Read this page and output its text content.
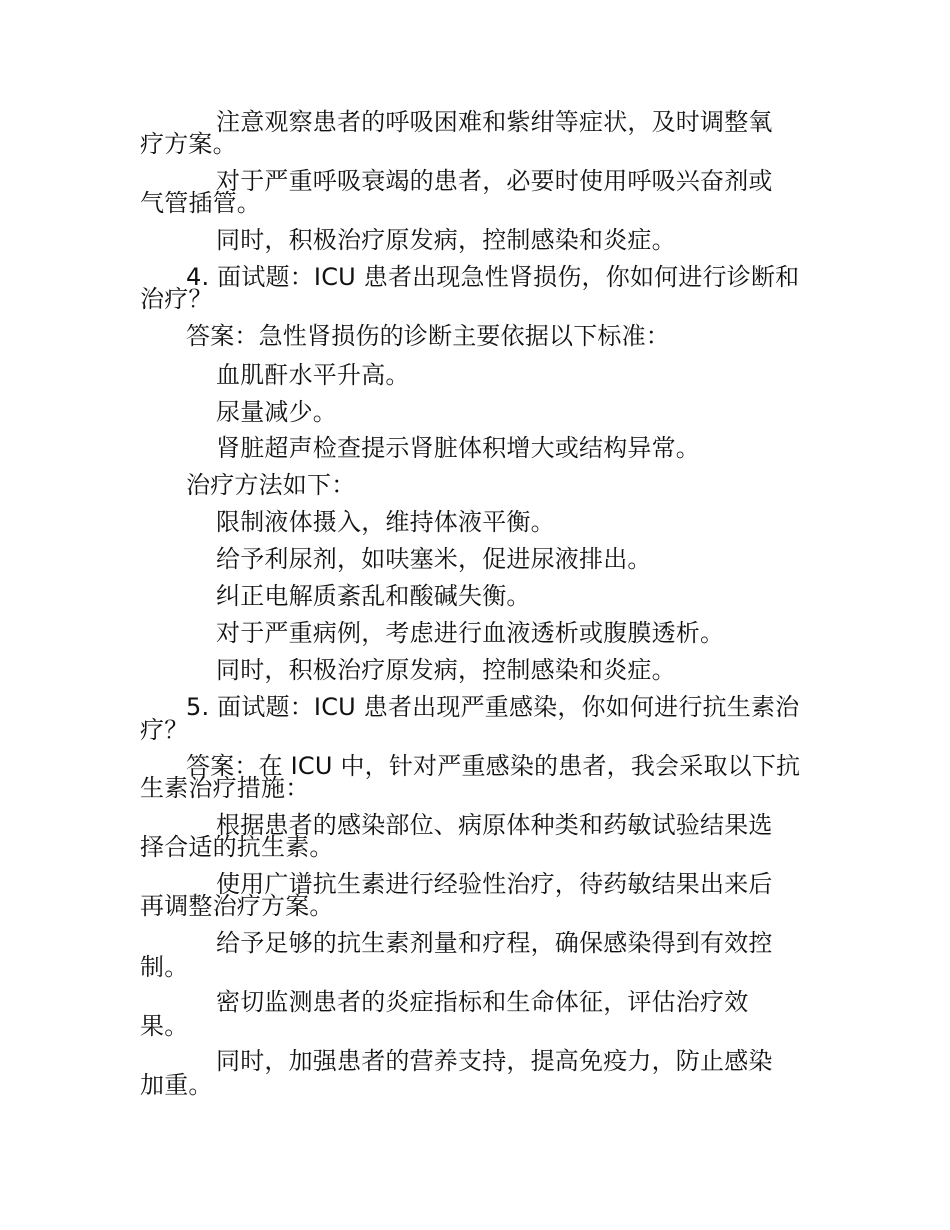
注意观察患者的呼吸困难和紫绀等症状，及时调整氧
疗方案。
对于严重呼吸衰竭的患者，必要时使用呼吸兴奋剂或
气管插管。
同时，积极治疗原发病，控制感染和炎症。
4. 面试题：ICU 患者出现急性肾损伤，你如何进行诊断和
治疗？
答案：急性肾损伤的诊断主要依据以下标准：
血肌酐水平升高。
尿量减少。
肾脏超声检查提示肾脏体积增大或结构异常。
治疗方法如下：
限制液体摄入，维持体液平衡。
给予利尿剂，如呋塞米，促进尿液排出。
纠正电解质紊乱和酸碱失衡。
对于严重病例，考虑进行血液透析或腹膜透析。
同时，积极治疗原发病，控制感染和炎症。
5. 面试题：ICU 患者出现严重感染，你如何进行抗生素治
疗？
答案：在 ICU 中，针对严重感染的患者，我会采取以下抗
生素治疗措施：
根据患者的感染部位、病原体种类和药敏试验结果选
择合适的抗生素。
使用广谱抗生素进行经验性治疗，待药敏结果出来后
再调整治疗方案。
给予足够的抗生素剂量和疗程，确保感染得到有效控
制。
密切监测患者的炎症指标和生命体征，评估治疗效
果。
同时，加强患者的营养支持，提高免疫力，防止感染
加重。
